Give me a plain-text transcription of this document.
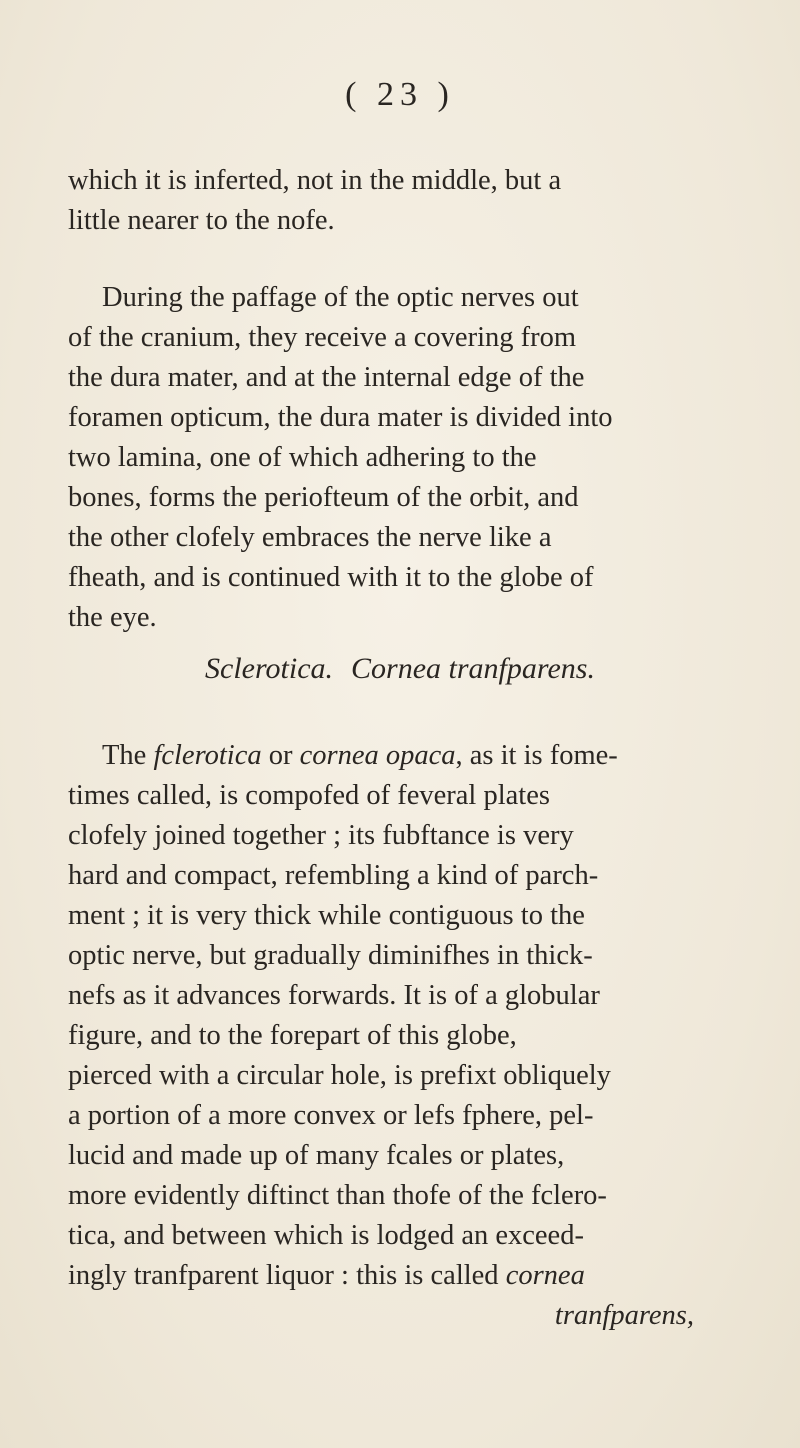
( 23 )
which it is inferted, not in the middle, but a
little nearer to the nofe.
During the paffage of the optic nerves out
of the cranium, they receive a covering from
the dura mater, and at the internal edge of the
foramen opticum, the dura mater is divided into
two lamina, one of which adhering to the
bones, forms the periofteum of the orbit, and
the other clofely embraces the nerve like a
fheath, and is continued with it to the globe of
the eye.
Sclerotica. Cornea tranfparens.
The fclerotica or cornea opaca, as it is fome-
times called, is compofed of feveral plates
clofely joined together ; its fubftance is very
hard and compact, refembling a kind of parch-
ment ; it is very thick while contiguous to the
optic nerve, but gradually diminifhes in thick-
nefs as it advances forwards. It is of a globular
figure, and to the forepart of this globe,
pierced with a circular hole, is prefixt obliquely
a portion of a more convex or lefs fphere, pel-
lucid and made up of many fcales or plates,
more evidently diftinct than thofe of the fclero-
tica, and between which is lodged an exceed-
ingly tranfparent liquor : this is called cornea
tranfparens,
